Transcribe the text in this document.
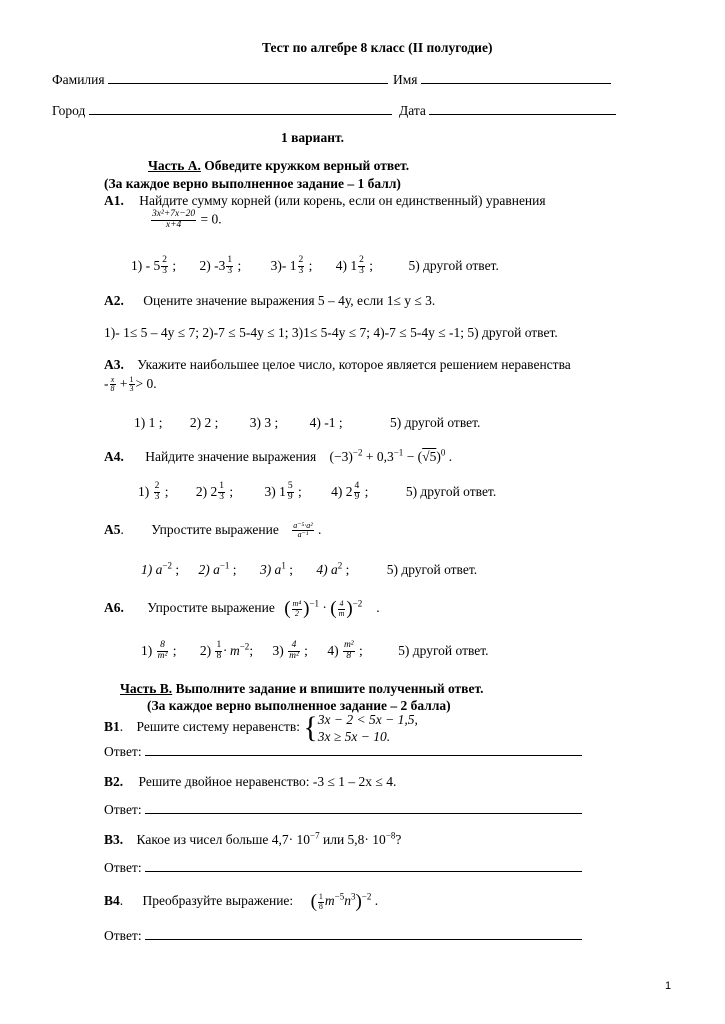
Тест по алгебре 8 класс (II полугодие)
Фамилия	Имя
Город	Дата
1 вариант.
Часть А. Обведите кружком верный ответ.
(За каждое верно выполненное задание – 1 балл)
А1. Найдите сумму корней (или корень, если он единственный) уравнения
$\frac{\text{3x²+7x−20}}{x+4} = 0$.
$1) - 5 \frac{2}{3}$ ; 2) $-3 \frac{1}{3}$ ; 3)- $1 \frac{2}{3}$ ; 4) $1 \frac{2}{3}$ ;	5) другой ответ.
А2. Оцените значение выражения 5 – 4у, если 1≤ у ≤ 3.
1)- 1≤ 5 – 4у ≤ 7; 2)-7 ≤ 5-4у ≤ 1; 3)1≤ 5-4у ≤ 7; 4)-7 ≤ 5-4у ≤ -1; 5) другой ответ.
А3. Укажите наибольшее целое число, которое является решением неравенства
- $\frac{x}{8} + \frac{1}{3} > 0$.
1) 1 ; 2) 2 ; 3) 3 ; 4) -1 ;	5) другой ответ.
А4. Найдите значение выражения $(-3)^{-2} + 0,3^{-1} - (√5)^0$ .
$1) \frac{2}{3}$ ; 2) $2 \frac{1}{3}$ ; 3) $1 \frac{5}{9}$ ; 4) $2 \frac{4}{9}$ ;	5) другой ответ.
А5. Упростите выражение $\frac{\text{a⁻⁵·a²}}{\text{a⁻¹}}$ .
1) $a^{-2}$ ; 2) $a^{-1}$ ; 3) $a^1$ ; 4) $a^2$ ;	5) другой ответ.
А6. Упростите выражение ( $\frac{\text{m⁴}}{2} )^{-1}$ · ( $\frac{4}{m} )^{-2}$ .
$1) \frac{8}{\text{m²}}$ ; $2) \frac{1}{8} \cdot m^{-2}$; $3) \frac{4}{\text{m²}}$ ; $4) \frac{\text{m²}}{8}$ ;	5) другой ответ.
Часть В. Выполните задание и впишите полученный ответ.
(За каждое верно выполненное задание – 2 балла)
В1. Решите систему неравенств: { 3x − 2 < 5x − 1,5,
3x ≥ 5x − 10.
Ответ:
В2. Решите двойное неравенство: -3 ≤ 1 – 2х ≤ 4.
Ответ:
В3. Какое из чисел больше $4,7\cdot 10^{-7}$ или $5,8\cdot 10^{-8}$?
Ответ:
В4. Преобразуйте выражение: ( $\frac{1}{8} m^{-5}n^3)^{-2}$ .
Ответ:
1
